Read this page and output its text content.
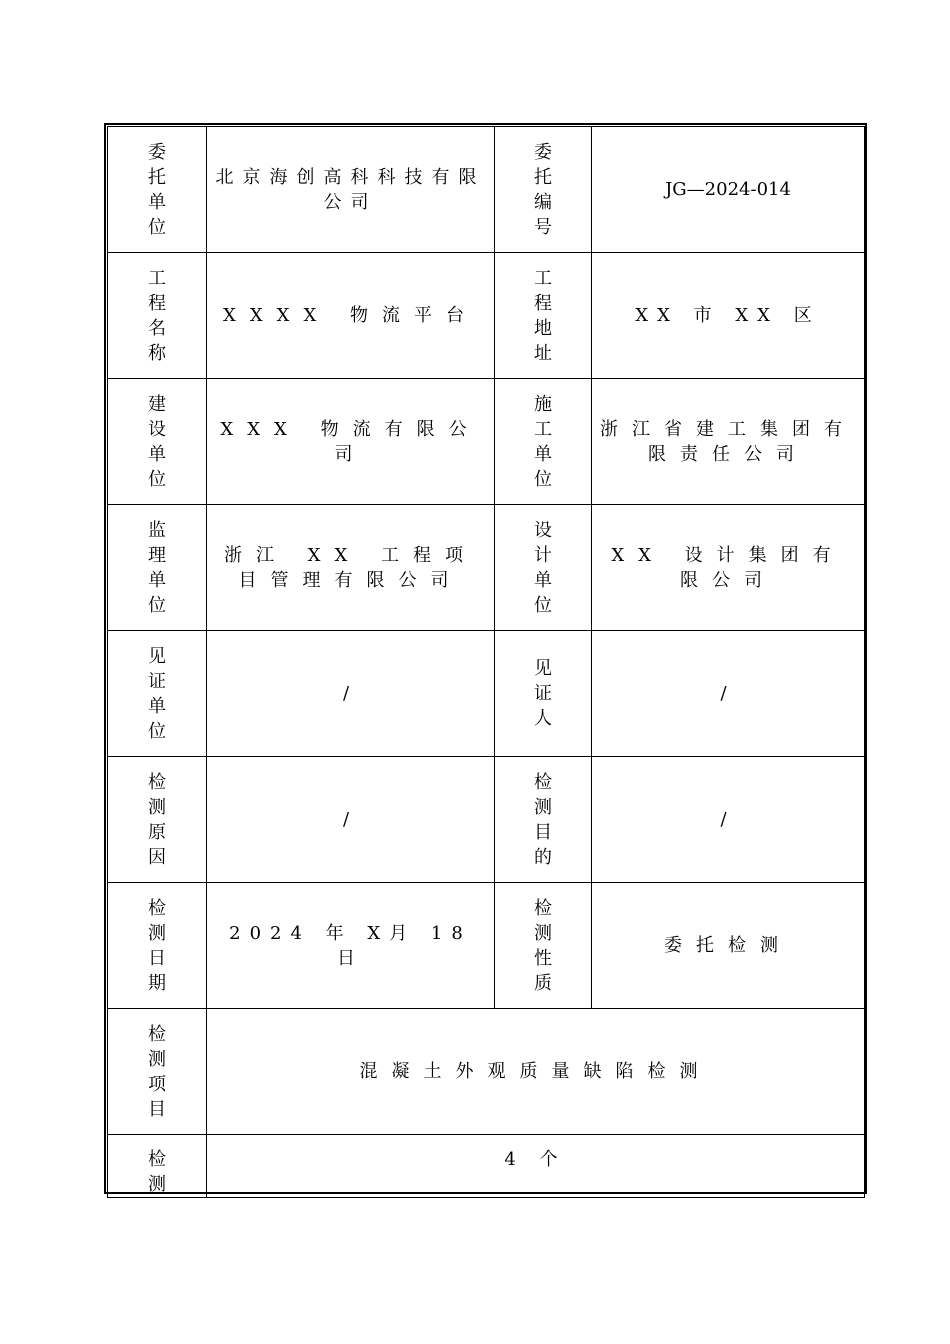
委托单位	北京海创高科科技有限公司	委托编号	JG—2024-014
工程名称	XXXX 物流平台	工程地址	XX 市 XX 区
建设单位	XXX 物流有限公司	施工单位	浙江省建工集团有限责任公司
监理单位	浙江 XX 工程项目管理有限公司	设计单位	XX 设计集团有限公司
见证单位	/	见证人	/
检测原因	/	检测目的	/
检测日期	2024 年 X月 18 日	检测性质	委托检测
检测项目	混凝土外观质量缺陷检测		
检测	4 个		
